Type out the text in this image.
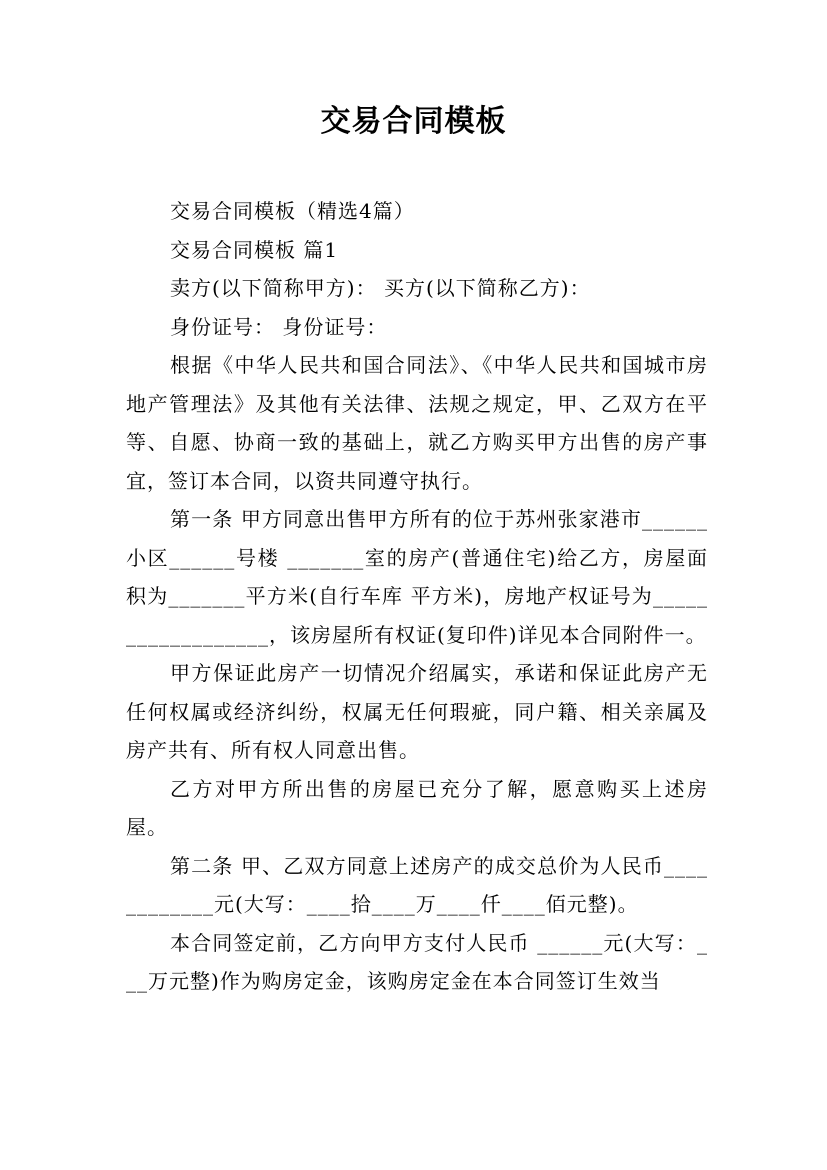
交易合同模板

交易合同模板（精选4篇）

交易合同模板 篇1

卖方(以下简称甲方)： 买方(以下简称乙方)：

身份证号： 身份证号：

根据《中华人民共和国合同法》、《中华人民共和国城市房地产管理法》及其他有关法律、法规之规定，甲、乙双方在平等、自愿、协商一致的基础上，就乙方购买甲方出售的房产事宜，签订本合同，以资共同遵守执行。

第一条 甲方同意出售甲方所有的位于苏州张家港市______小区______号楼 _______室的房产(普通住宅)给乙方，房屋面积为_______平方米(自行车库 平方米)，房地产权证号为__________________，该房屋所有权证(复印件)详见本合同附件一。

甲方保证此房产一切情况介绍属实，承诺和保证此房产无任何权属或经济纠纷，权属无任何瑕疵，同户籍、相关亲属及房产共有、所有权人同意出售。

乙方对甲方所出售的房屋已充分了解，愿意购买上述房屋。

第二条 甲、乙双方同意上述房产的成交总价为人民币____ ________元(大写：____拾____万____仟____佰元整)。

本合同签定前，乙方向甲方支付人民币 ______元(大写：___万元整)作为购房定金，该购房定金在本合同签订生效当
